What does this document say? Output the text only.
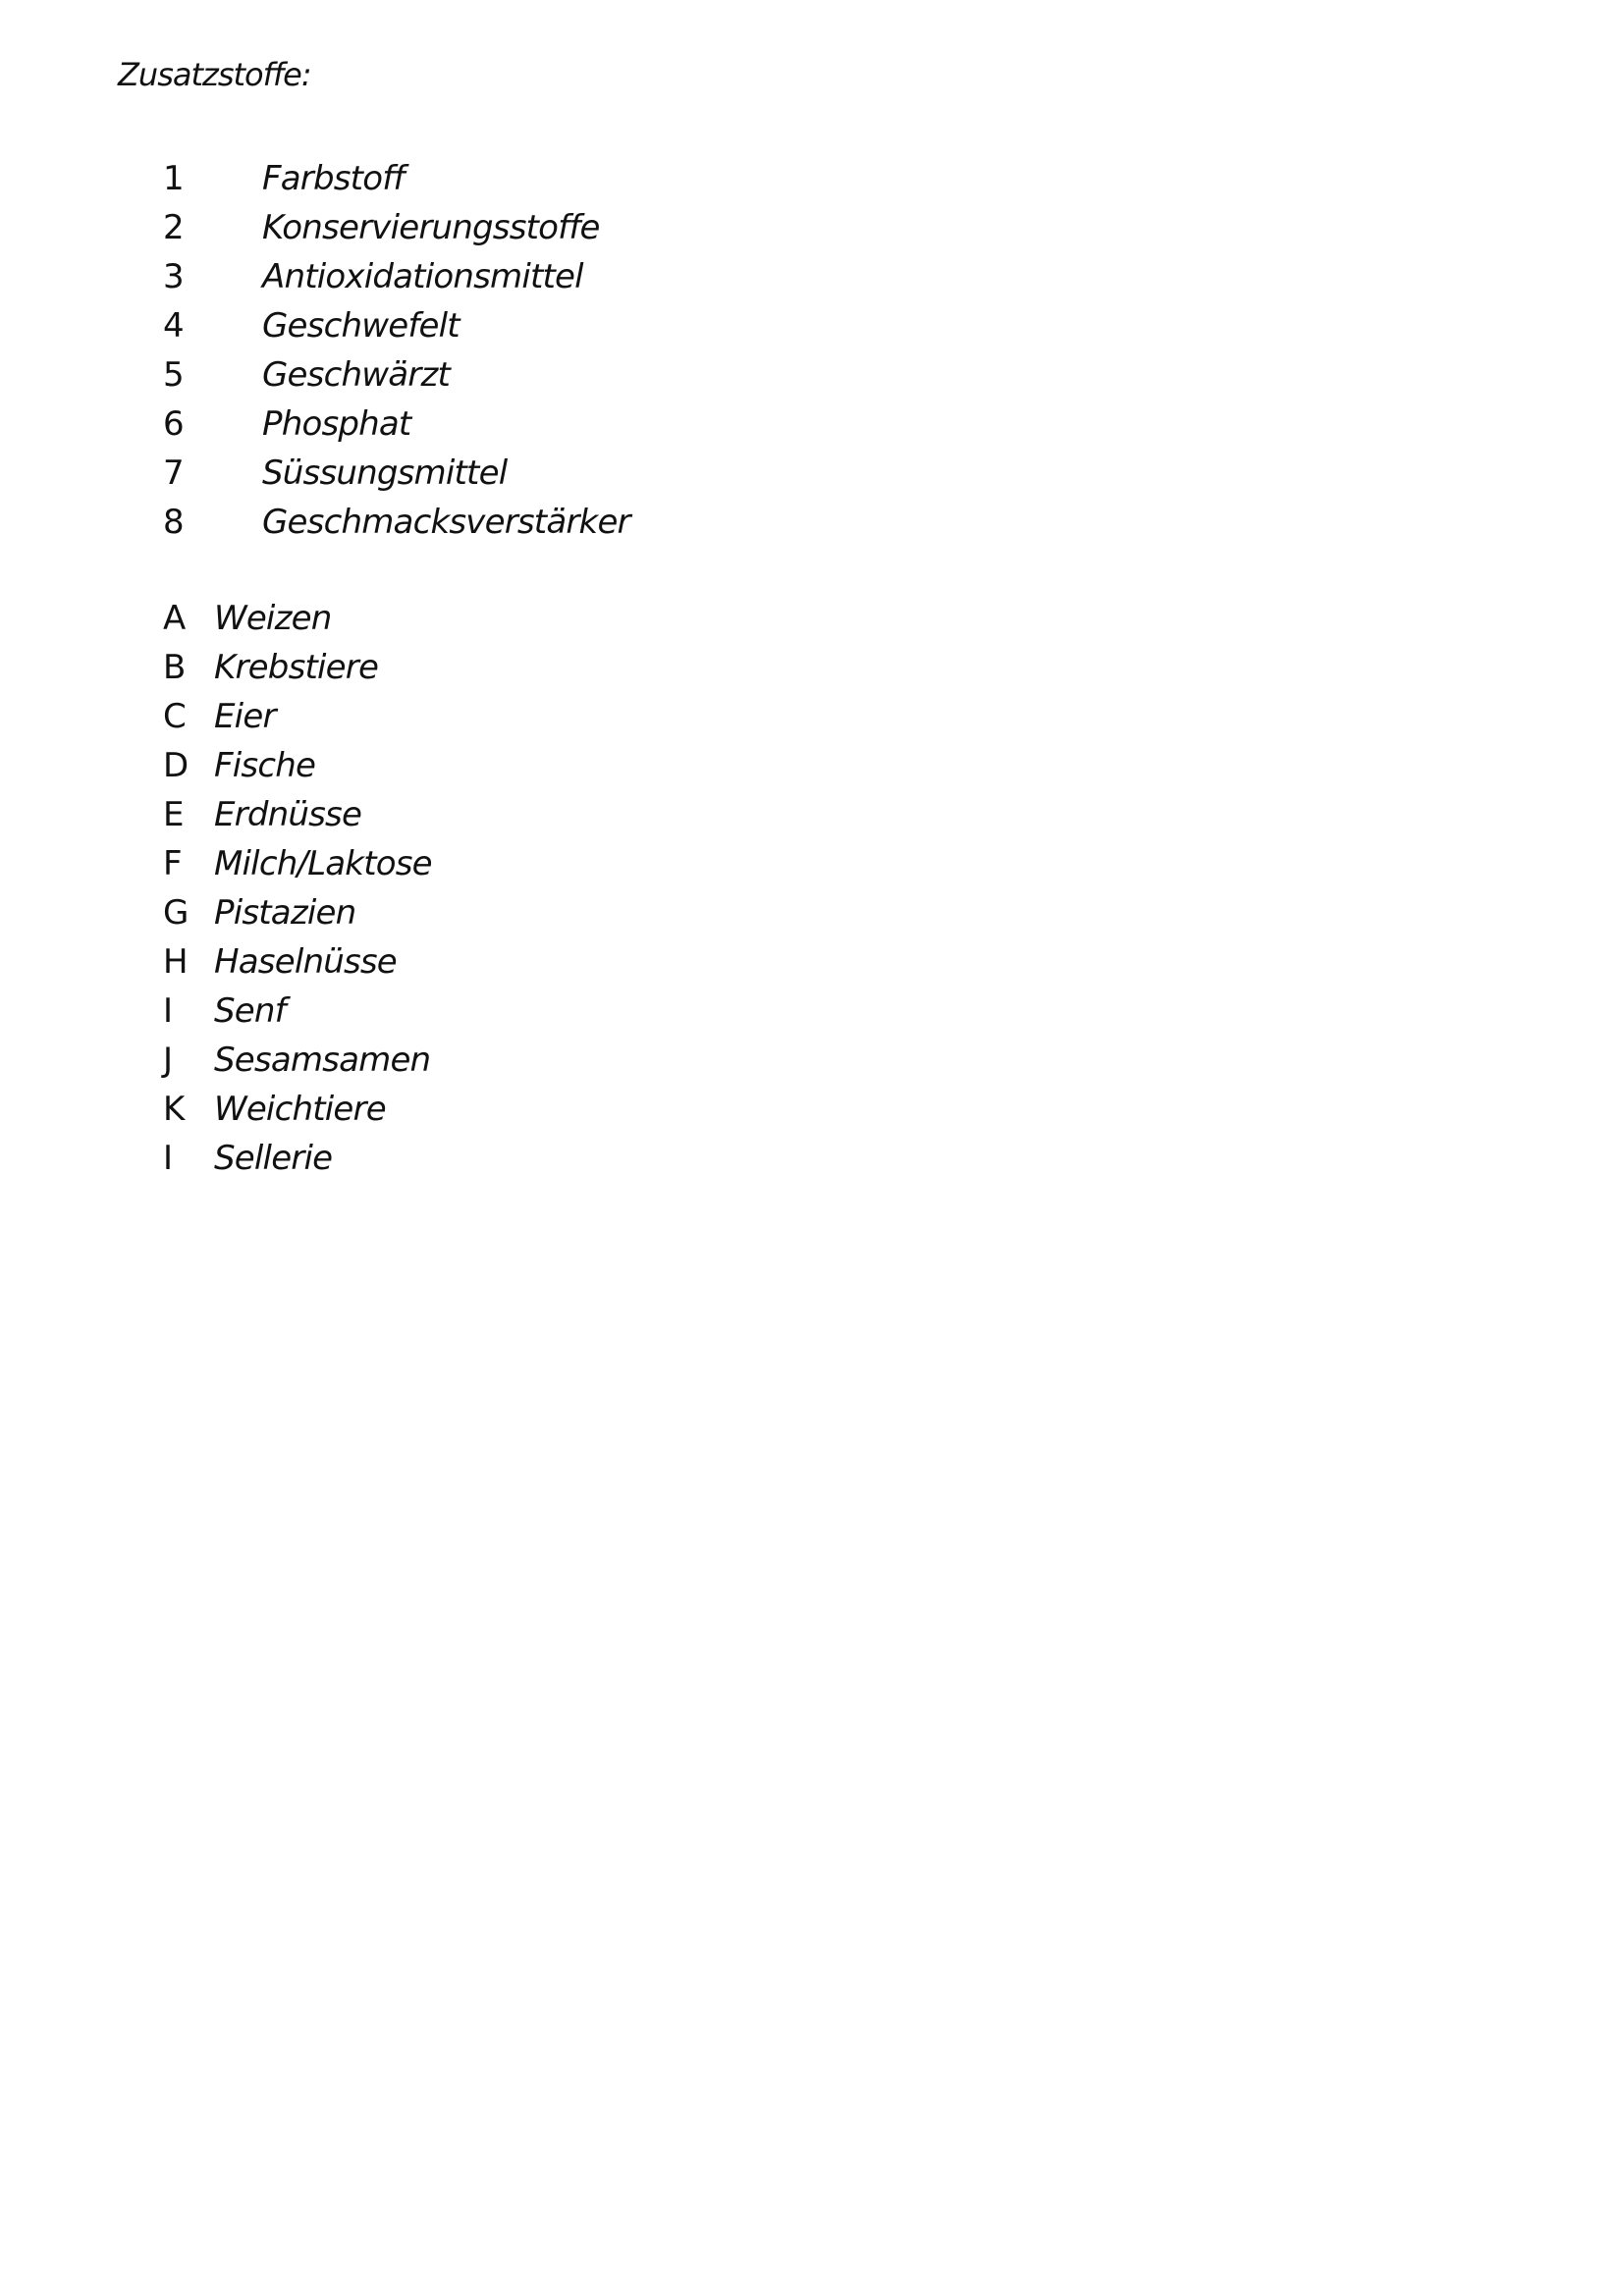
Zusatzstoffe:
1	Farbstoff
2	Konservierungsstoffe
3	Antioxidationsmittel
4	Geschwefelt
5	Geschwärzt
6	Phosphat
7	Süssungsmittel
8	Geschmacksverstärker
A Weizen
B Krebstiere
C Eier
D Fische
E Erdnüsse
F Milch/Laktose
G Pistazien
H Haselnüsse
I	Senf
J	Sesamsamen
K Weichtiere
I	Sellerie
